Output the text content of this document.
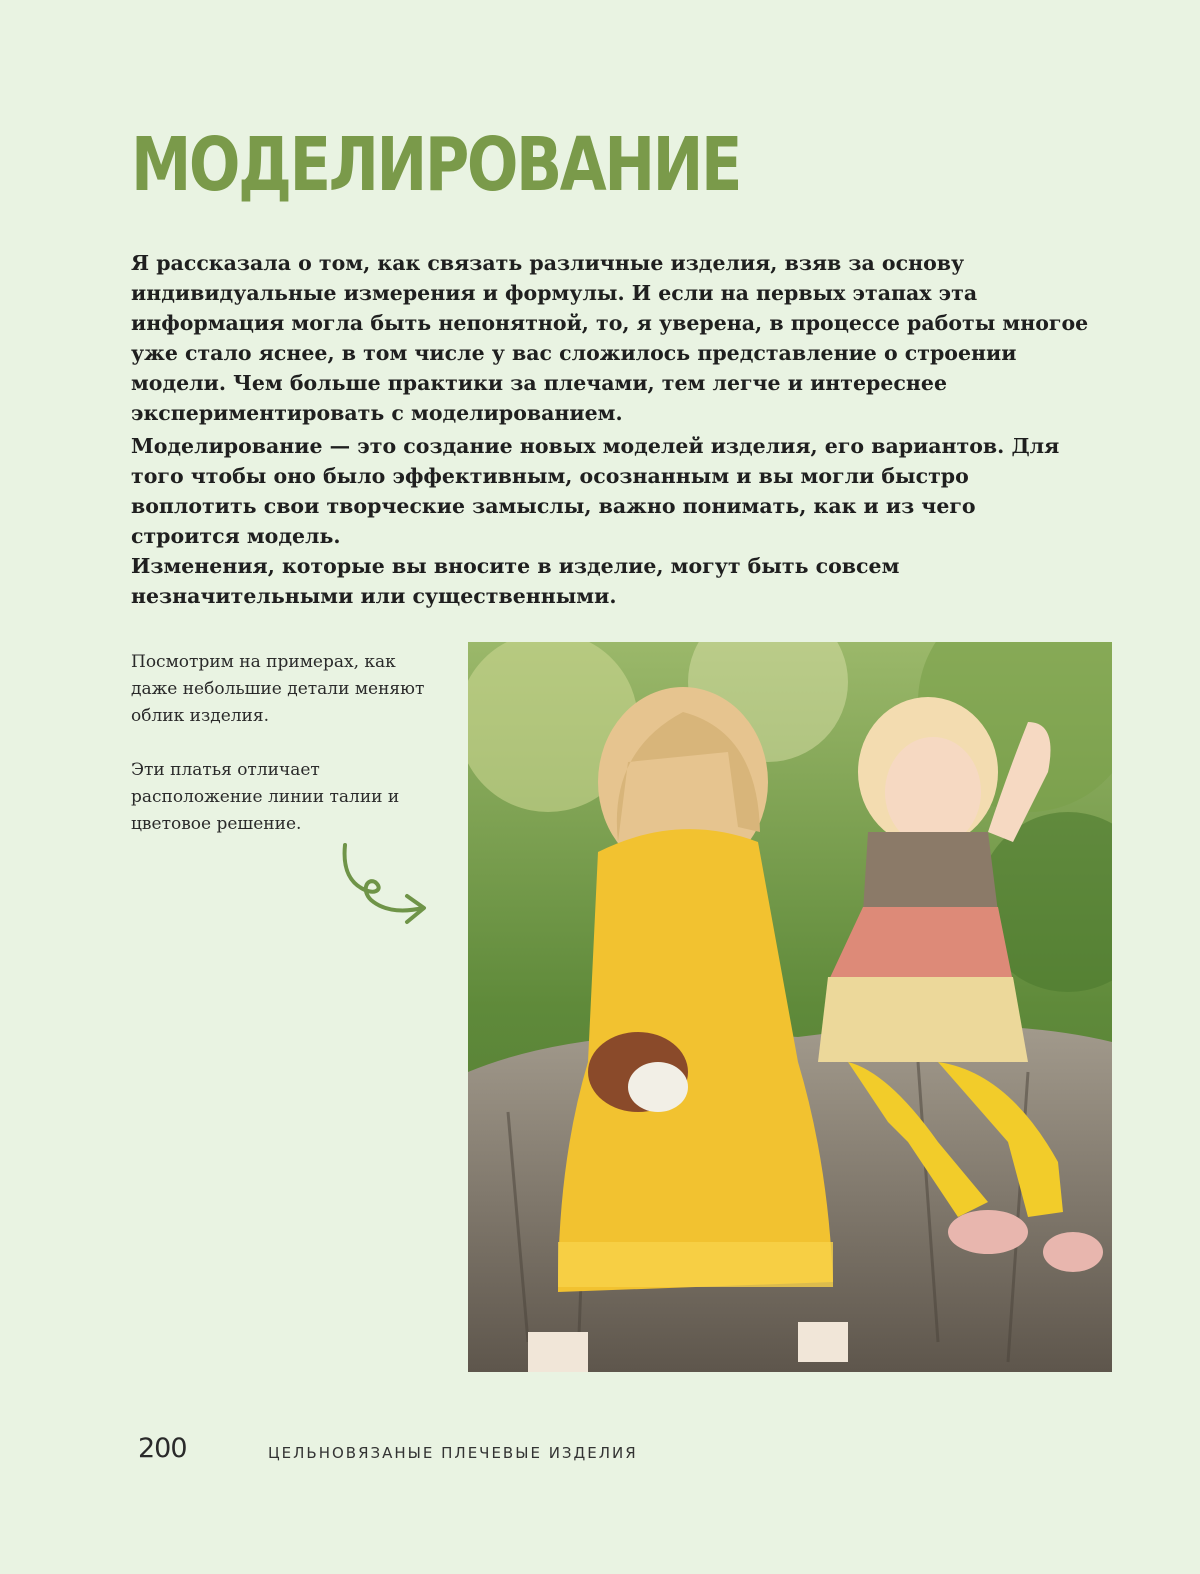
МОДЕЛИРОВАНИЕ

Я рассказала о том, как связать различные изделия, взяв за основу индивидуальные измерения и формулы. И если на первых этапах эта информация могла быть непонятной, то, я уверена, в процессе работы многое уже стало яснее, в том числе у вас сложилось представление о строении модели. Чем больше практики за плечами, тем легче и интереснее экспериментировать с моделированием.

Моделирование — это создание новых моделей изделия, его вариантов. Для того чтобы оно было эффективным, осознанным и вы могли быстро воплотить свои творческие замыслы, важно понимать, как и из чего строится модель.

Изменения, которые вы вносите в изделие, могут быть совсем незначительными или существенными.

Посмотрим на примерах, как даже небольшие детали меняют облик изделия.

Эти платья отличает расположение линии талии и цветовое решение.

200	ЦЕЛЬНОВЯЗАНЫЕ ПЛЕЧЕВЫЕ ИЗДЕЛИЯ
